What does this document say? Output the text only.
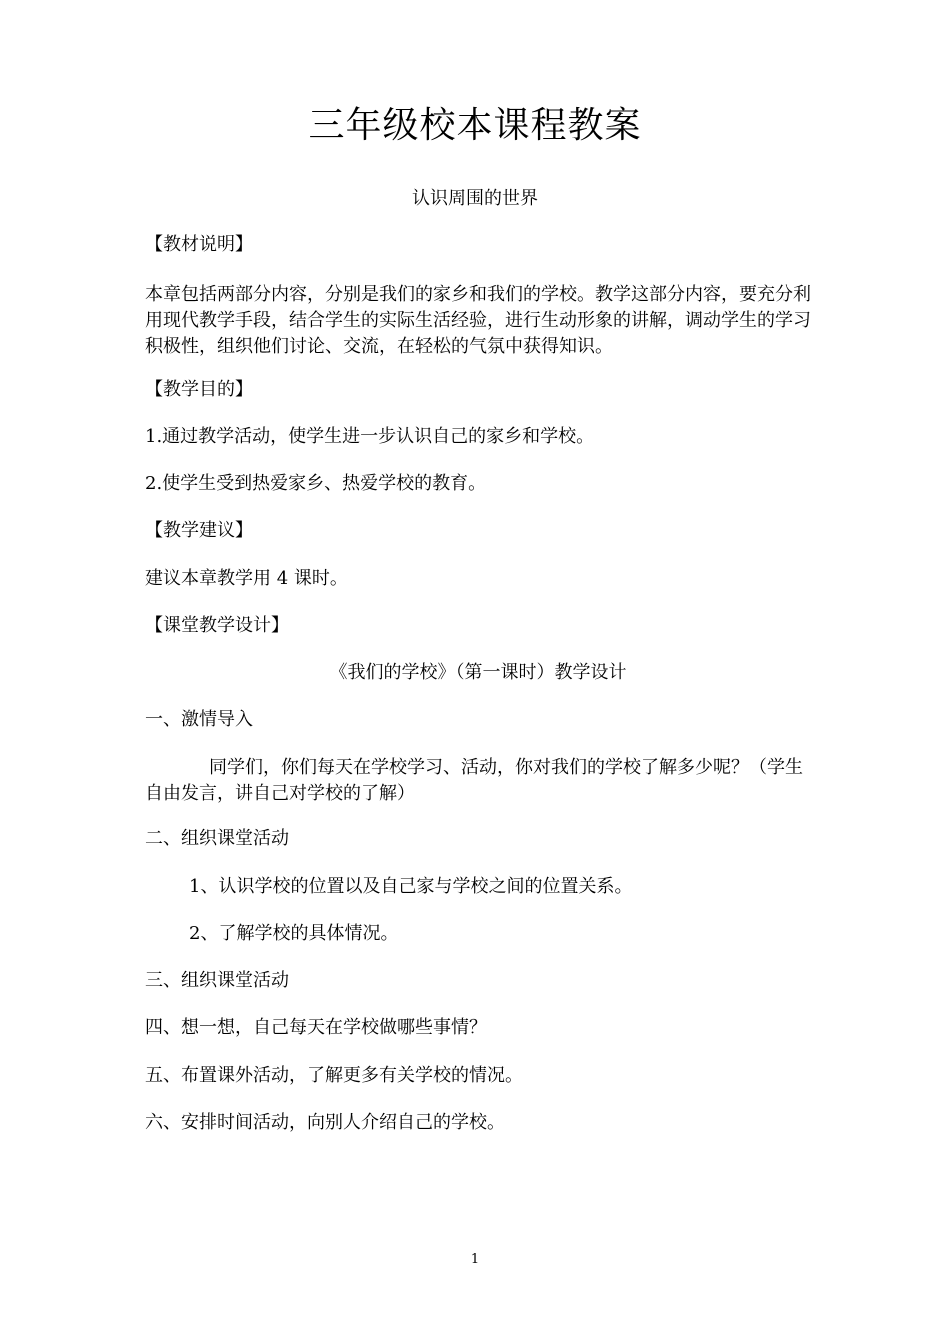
三年级校本课程教案
认识周围的世界
【教材说明】
本章包括两部分内容，分别是我们的家乡和我们的学校。教学这部分内容，要充分利用现代教学手段，结合学生的实际生活经验，进行生动形象的讲解，调动学生的学习积极性，组织他们讨论、交流，在轻松的气氛中获得知识。
【教学目的】
1.通过教学活动，使学生进一步认识自己的家乡和学校。
2.使学生受到热爱家乡、热爱学校的教育。
【教学建议】
建议本章教学用 4 课时。
【课堂教学设计】
《我们的学校》（第一课时）教学设计
一、激情导入
同学们，你们每天在学校学习、活动，你对我们的学校了解多少呢？（学生自由发言，讲自己对学校的了解）
二、组织课堂活动
1、认识学校的位置以及自己家与学校之间的位置关系。
2、了解学校的具体情况。
三、组织课堂活动
四、想一想，自己每天在学校做哪些事情？
五、布置课外活动，了解更多有关学校的情况。
六、安排时间活动，向别人介绍自己的学校。
1
